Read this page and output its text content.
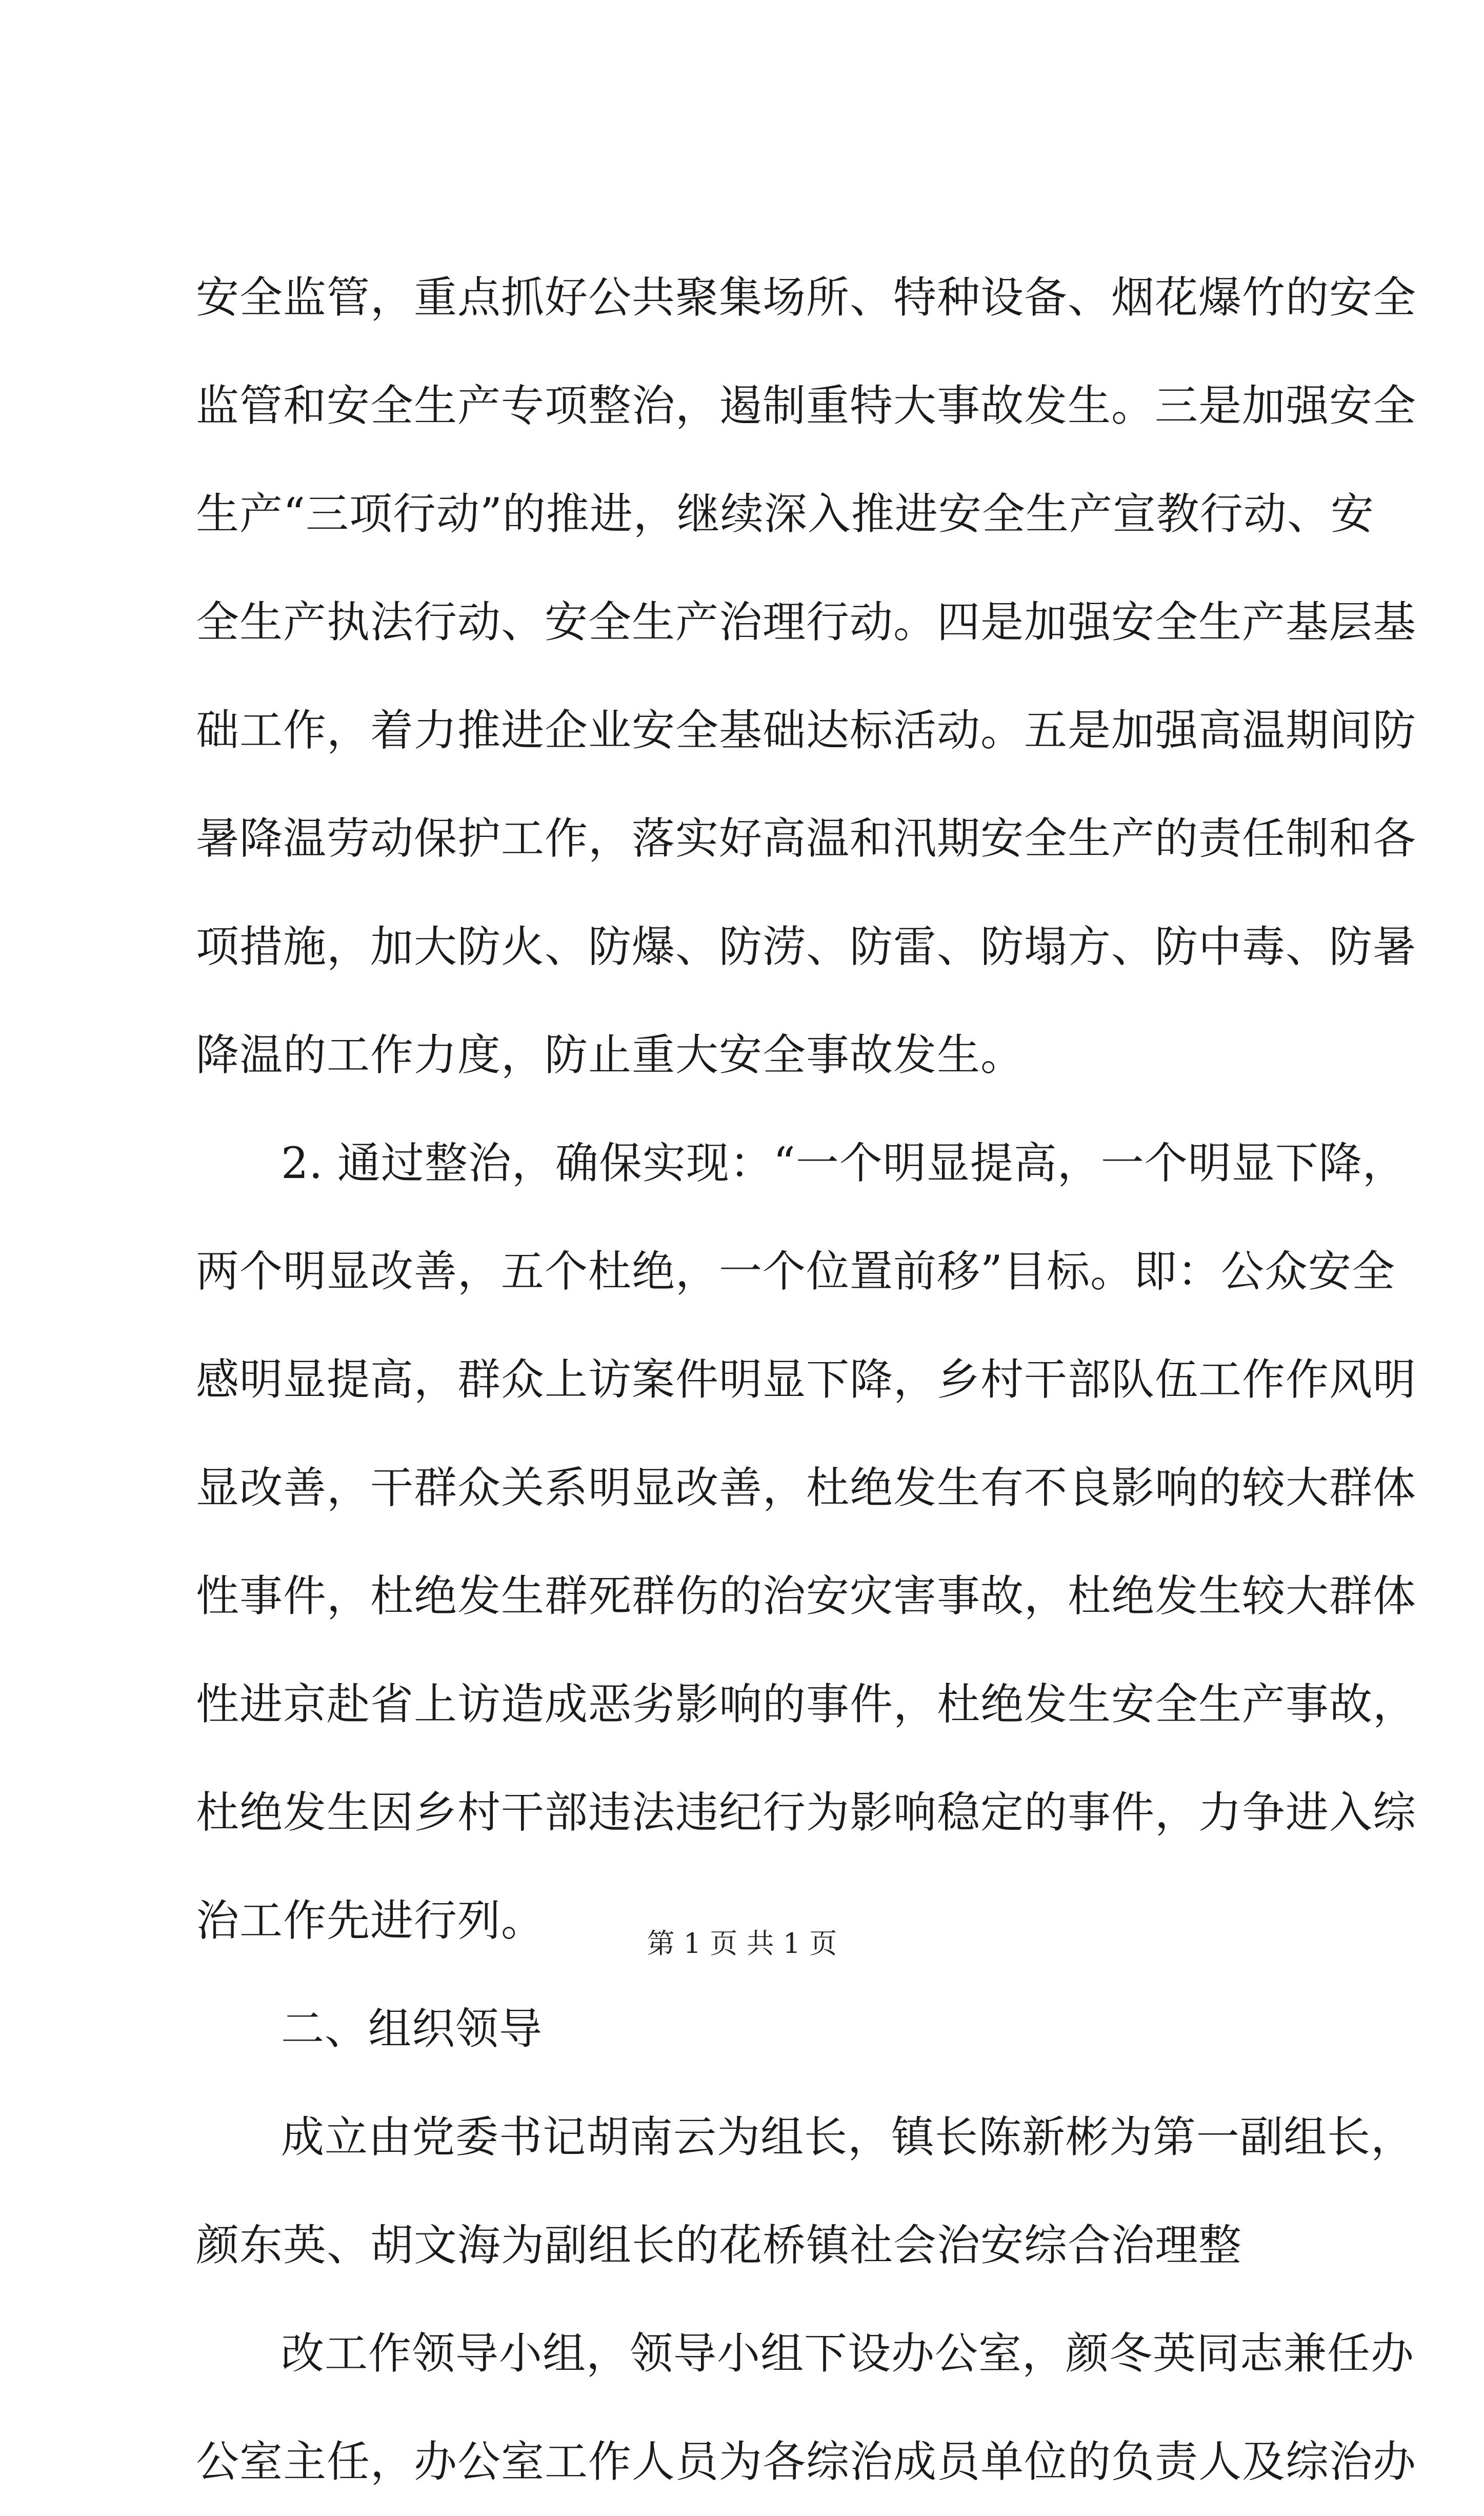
安全监管，重点抓好公共聚集场所、特种设备、烟花爆竹的安全
监管和安全生产专项整治，遏制重特大事故发生。三是加强安全
生产“三项行动”的推进，继续深入推进安全生产宣教行动、安
全生产执法行动、安全生产治理行动。四是加强安全生产基层基
础工作，着力推进企业安全基础达标活动。五是加强高温期间防
暑降温劳动保护工作，落实好高温和汛期安全生产的责任制和各
项措施，加大防火、防爆、防涝、防雷、防塌方、防中毒、防暑
降温的工作力度，防止重大安全事故发生。
2. 通过整治，确保实现：“一个明显提高，一个明显下降，
两个明显改善，五个杜绝，一个位置前移”目标。即：公众安全
感明显提高，群众上访案件明显下降，乡村干部队伍工作作风明
显改善，干群众关系明显改善，杜绝发生有不良影响的较大群体
性事件，杜绝发生群死群伤的治安灾害事故，杜绝发生较大群体
性进京赴省上访造成恶劣影响的事件，杜绝发生安全生产事故，
杜绝发生因乡村干部违法违纪行为影响稳定的事件，力争进入综
治工作先进行列。
二、组织领导
成立由党委书记胡南云为组长，镇长陈新彬为第一副组长，
颜东英、胡文海为副组长的花桥镇社会治安综合治理整
改工作领导小组，领导小组下设办公室，颜冬英同志兼任办
公室主任，办公室工作人员为各综治成员单位的负责人及综治办
第 1 页 共 1 页
